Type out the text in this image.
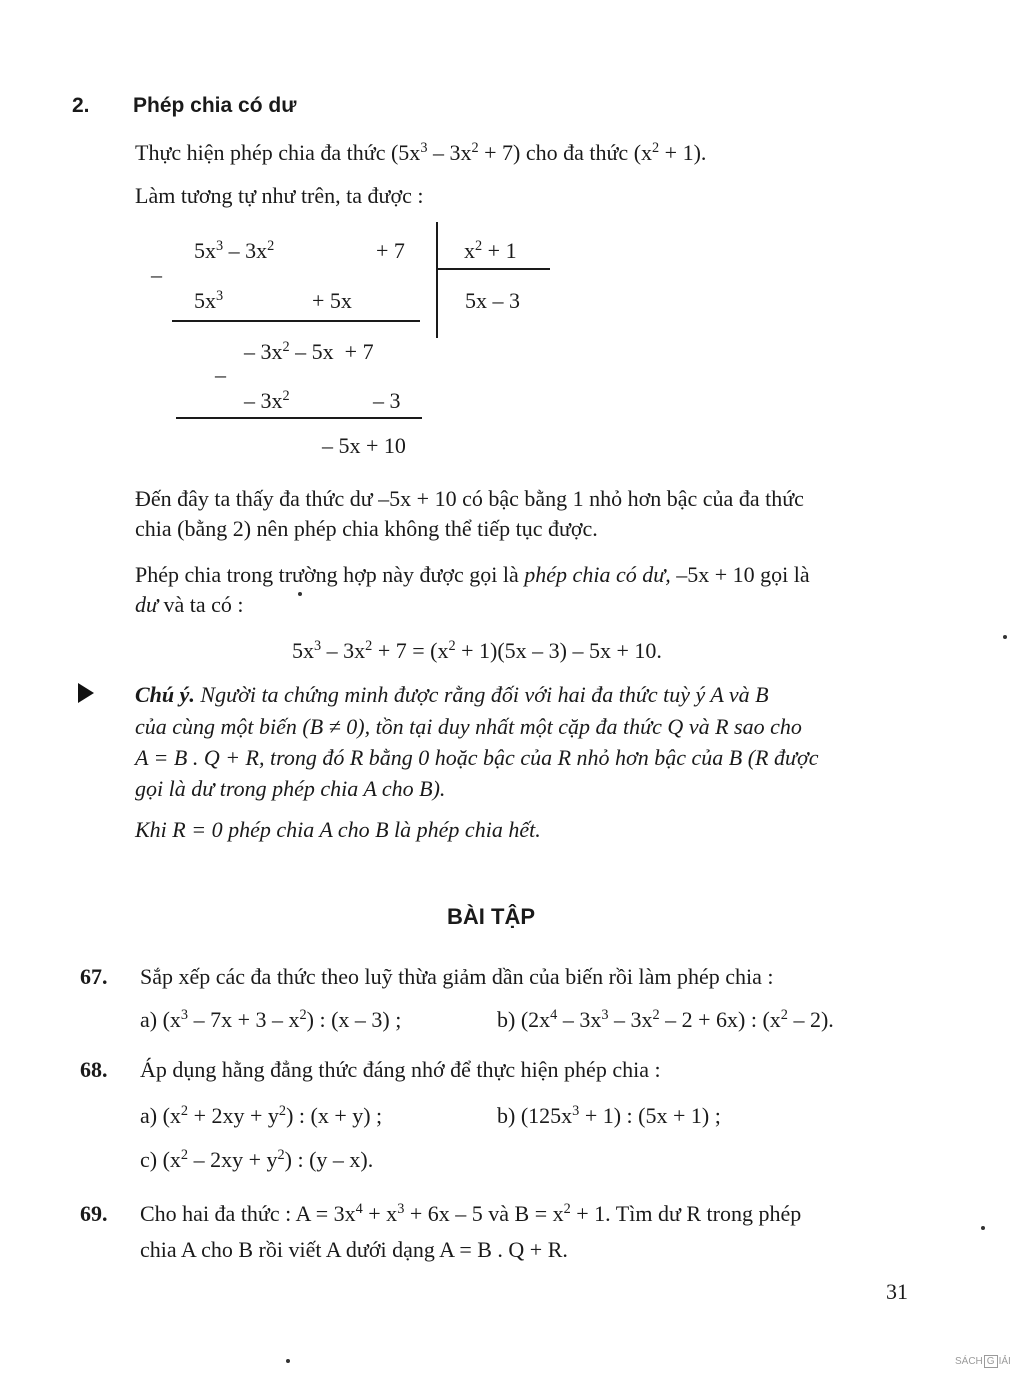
2. Phép chia có dư
Thực hiện phép chia đa thức $(5x^3 - 3x^2 + 7)$ cho đa thức $(x^2 + 1)$.
Làm tương tự như trên, ta được :
$5x^3 - 3x^2$	+ 7	$x^2 + 1$
–
$5x^3$	+ 5x	5x – 3
– $3x^2 - 5x + 7$
–
– $3x^2$	– 3
– 5x + 10
Đến đây ta thấy đa thức dư –5x + 10 có bậc bằng 1 nhỏ hơn bậc của đa thức
chia (bằng 2) nên phép chia không thể tiếp tục được.
Phép chia trong trường hợp này được gọi là phép chia có dư, –5x + 10 gọi là
dư và ta có :
$5x^3 - 3x^2 + 7 = (x^2 + 1)(5x - 3) - 5x + 10$.
Chú ý. Người ta chứng minh được rằng đối với hai đa thức tuỳ ý A và B
của cùng một biến (B ≠ 0), tồn tại duy nhất một cặp đa thức Q và R sao cho
A = B . Q + R, trong đó R bằng 0 hoặc bậc của R nhỏ hơn bậc của B (R được
gọi là dư trong phép chia A cho B).
Khi R = 0 phép chia A cho B là phép chia hết.
BÀI TẬP
67. Sắp xếp các đa thức theo luỹ thừa giảm dần của biến rồi làm phép chia :
a) $(x^3 - 7x + 3 - x^2)$ : (x – 3) ;	b) $(2x^4 - 3x^3 - 3x^2 - 2 + 6x)$ : $(x^2 - 2)$.
68. Áp dụng hằng đẳng thức đáng nhớ để thực hiện phép chia :
a) $(x^2 + 2xy + y^2)$ : (x + y) ;	b) $(125x^3 + 1)$ : (5x + 1) ;
c) $(x^2 - 2xy + y^2)$ : (y – x).
69. Cho hai đa thức : $A = 3x^4 + x^3 + 6x - 5$ và $B = x^2 + 1$. Tìm dư R trong phép
chia A cho B rồi viết A dưới dạng A = B . Q + R.
31
SÁCH G IẢI
